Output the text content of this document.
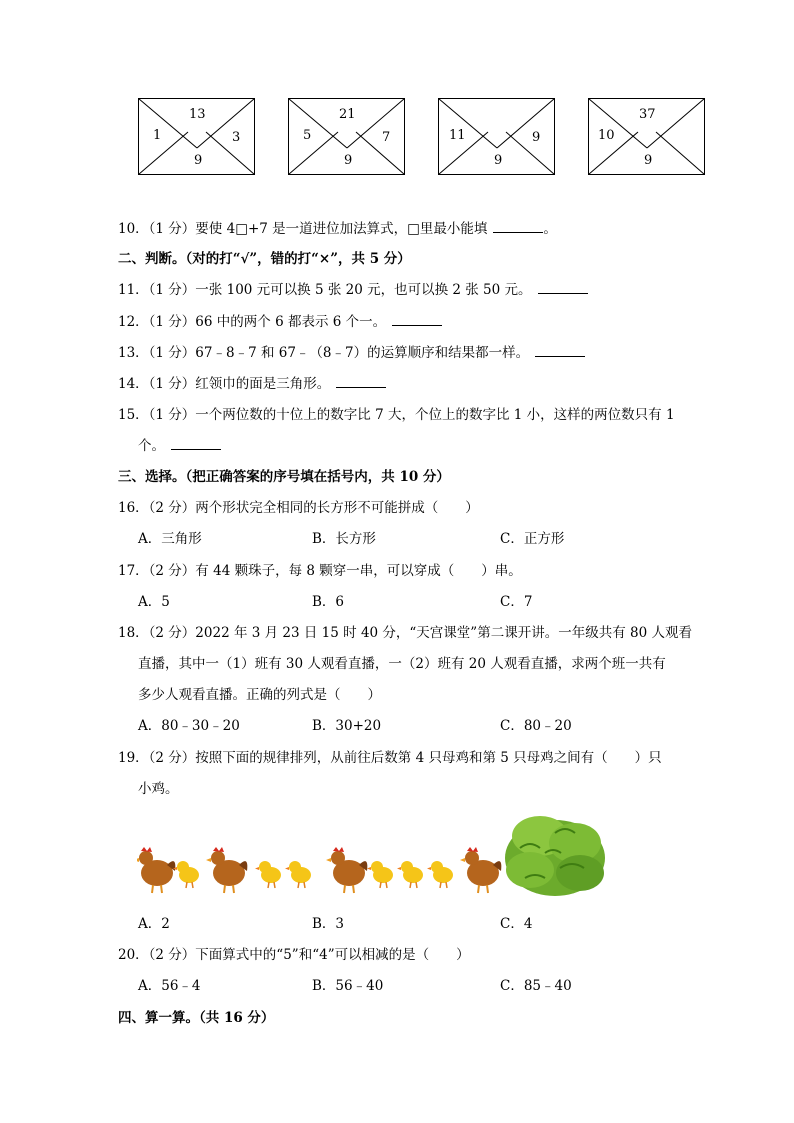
13
1	3
9
21
5	7
9
11	9
9
37
10
9
10．（1 分）要使 4□+7 是一道进位加法算式，□里最小能填	。
二、判断。（对的打“√”，错的打“×”，共 5 分）
11．（1 分）一张 100 元可以换 5 张 20 元，也可以换 2 张 50 元。
12．（1 分）66 中的两个 6 都表示 6 个一。
13．（1 分）67﹣8﹣7 和 67﹣（8﹣7）的运算顺序和结果都一样。
14．（1 分）红领巾的面是三角形。
15．（1 分）一个两位数的十位上的数字比 7 大，个位上的数字比 1 小，这样的两位数只有 1
个。
三、选择。（把正确答案的序号填在括号内，共 10 分）
16．（2 分）两个形状完全相同的长方形不可能拼成（　　）
A．三角形	B．长方形	C．正方形
17．（2 分）有 44 颗珠子，每 8 颗穿一串，可以穿成（　　）串。
A．5	B．6	C．7
18．（2 分）2022 年 3 月 23 日 15 时 40 分，“天宫课堂”第二课开讲。一年级共有 80 人观看
直播，其中一（1）班有 30 人观看直播，一（2）班有 20 人观看直播，求两个班一共有
多少人观看直播。正确的列式是（　　）
A．80﹣30﹣20	B．30+20	C．80﹣20
19．（2 分）按照下面的规律排列，从前往后数第 4 只母鸡和第 5 只母鸡之间有（　　）只
小鸡。
A．2	B．3	C．4
20．（2 分）下面算式中的“5”和“4”可以相减的是（　　）
A．56﹣4	B．56﹣40	C．85﹣40
四、算一算。（共 16 分）
